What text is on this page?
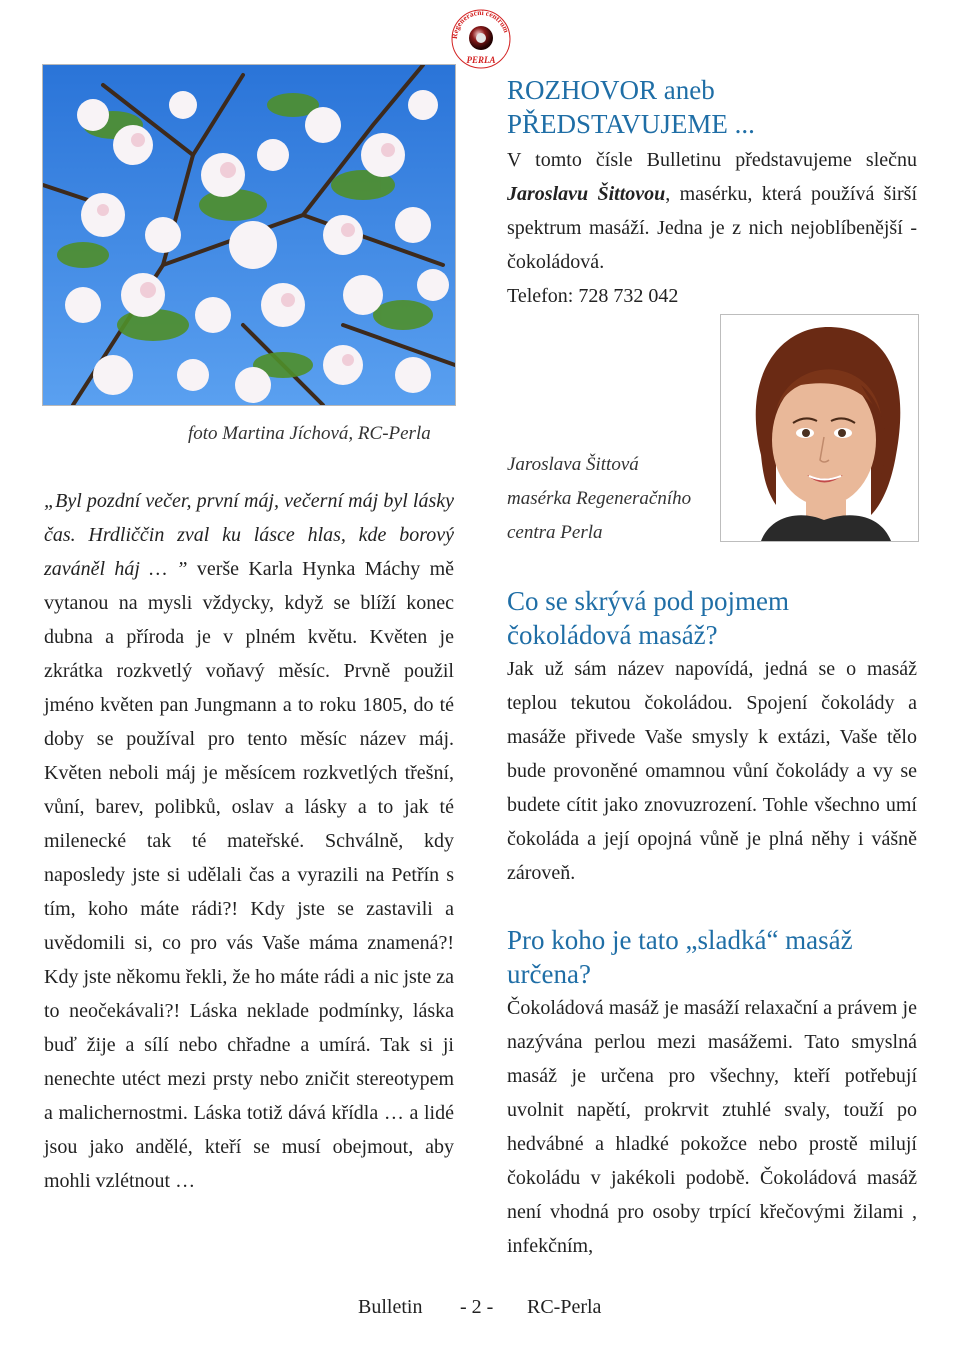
Regenerační centrum
PERLA
foto Martina Jíchová, RC-Perla
„Byl pozdní večer, první máj, večerní máj byl lásky čas. Hrdliččin zval ku lásce hlas, kde borový zaváněl háj … ” verše Karla Hynka Máchy mě vytanou na mysli vždycky, když se blíží konec dubna a příroda je v plném květu. Květen je zkrátka rozkvetlý voňavý měsíc. Prvně použil jméno květen pan Jungmann a to roku 1805, do té doby se používal pro tento měsíc název máj. Květen neboli máj je měsícem rozkvetlých třešní, vůní, barev, polibků, oslav a lásky a to jak té milenecké tak té mateřské. Schválně, kdy naposledy jste si udělali čas a vyrazili na Petřín s tím, koho máte rádi?! Kdy jste se zastavili a uvědomili si, co pro vás Vaše máma znamená?! Kdy jste někomu řekli, že ho máte rádi a nic jste za to neočekávali?! Láska neklade podmínky, láska buď žije a sílí nebo chřadne a umírá. Tak si ji nenechte utéct mezi prsty nebo zničit stereotypem a malichernostmi. Láska totiž dává křídla … a lidé jsou jako andělé, kteří se musí obejmout, aby mohli vzlétnout …
ROZHOVOR aneb
PŘEDSTAVUJEME ...
V tomto čísle Bulletinu představujeme slečnu Jaroslavu Šittovou, masérku, která používá širší spektrum masáží. Jedna je z nich nejoblíbenější - čokoládová.
Telefon: 728 732 042
Jaroslava Šittová
masérka Regeneračního
centra Perla
Co se skrývá pod pojmem čokoládová masáž?
Jak už sám název napovídá, jedná se o masáž teplou tekutou čokoládou. Spojení čokolády a masáže přivede Vaše smysly k extázi, Vaše tělo bude provoněné omamnou vůní čokolády a vy se budete cítit jako znovuzrození. Tohle všechno umí čokoláda a její opojná vůně je plná něhy i vášně zároveň.
Pro koho je tato „sladká“ masáž určena?
Čokoládová masáž je masáží relaxační a právem je nazývána perlou mezi masážemi. Tato smyslná masáž je určena pro všechny, kteří potřebují uvolnit napětí, prokrvit ztuhlé svaly, touží po hedvábné a hladké pokožce nebo prostě milují čokoládu v jakékoli podobě. Čokoládová masáž není vhodná pro osoby trpící křečovými žilami , infekčním,
Bulletin - 2 - RC-Perla
